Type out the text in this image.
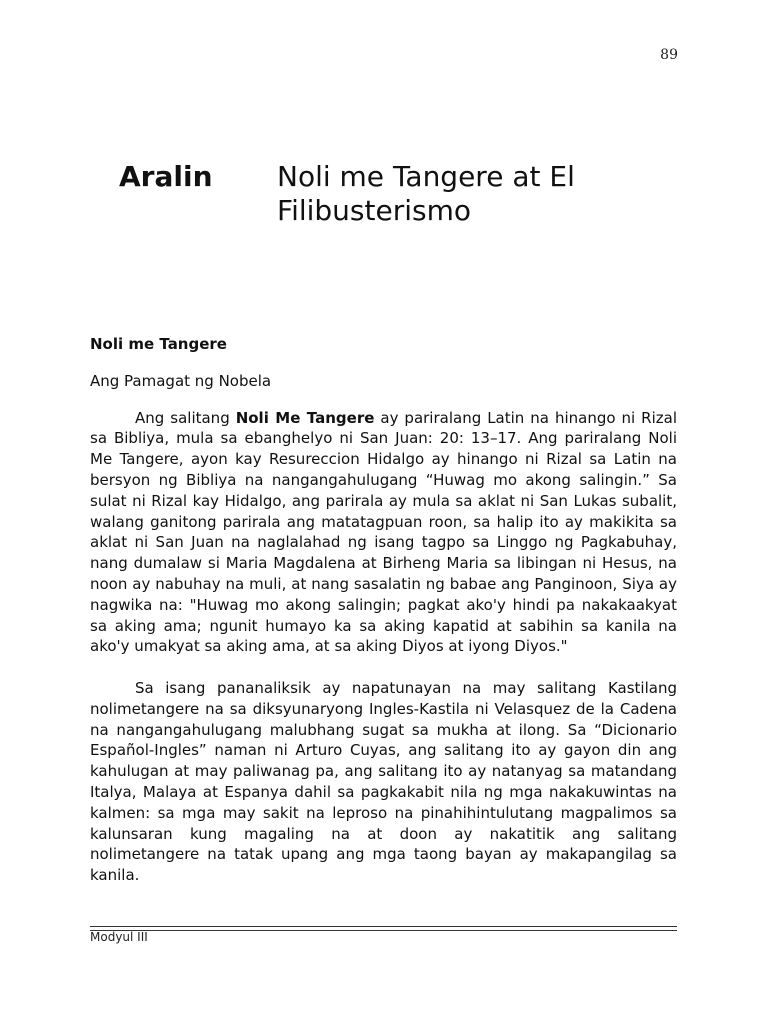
89
Aralin	Noli me Tangere at El Filibusterismo

Noli me Tangere

Ang Pamagat ng Nobela

Ang salitang Noli Me Tangere ay pariralang Latin na hinango ni Rizal sa Bibliya, mula sa ebanghelyo ni San Juan: 20: 13–17. Ang pariralang Noli Me Tangere, ayon kay Resureccion Hidalgo ay hinango ni Rizal sa Latin na bersyon ng Bibliya na nangangahulugang “Huwag mo akong salingin.” Sa sulat ni Rizal kay Hidalgo, ang parirala ay mula sa aklat ni San Lukas subalit, walang ganitong parirala ang matatagpuan roon, sa halip ito ay makikita sa aklat ni San Juan na naglalahad ng isang tagpo sa Linggo ng Pagkabuhay, nang dumalaw si Maria Magdalena at Birheng Maria sa libingan ni Hesus, na noon ay nabuhay na muli, at nang sasalatin ng babae ang Panginoon, Siya ay nagwika na: "Huwag mo akong salingin; pagkat ako'y hindi pa nakakaakyat sa aking ama; ngunit humayo ka sa aking kapatid at sabihin sa kanila na ako'y umakyat sa aking ama, at sa aking Diyos at iyong Diyos."

Sa isang pananaliksik ay napatunayan na may salitang Kastilang nolimetangere na sa diksyunaryong Ingles-Kastila ni Velasquez de la Cadena na nangangahulugang malubhang sugat sa mukha at ilong. Sa “Dicionario Español-Ingles” naman ni Arturo Cuyas, ang salitang ito ay gayon din ang kahulugan at may paliwanag pa, ang salitang ito ay natanyag sa matandang Italya, Malaya at Espanya dahil sa pagkakabit nila ng mga nakakuwintas na kalmen: sa mga may sakit na leproso na pinahihintulutang magpalimos sa kalunsaran kung magaling na at doon ay nakatitik ang salitang nolimetangere na tatak upang ang mga taong bayan ay makapangilag sa kanila.

Modyul III
